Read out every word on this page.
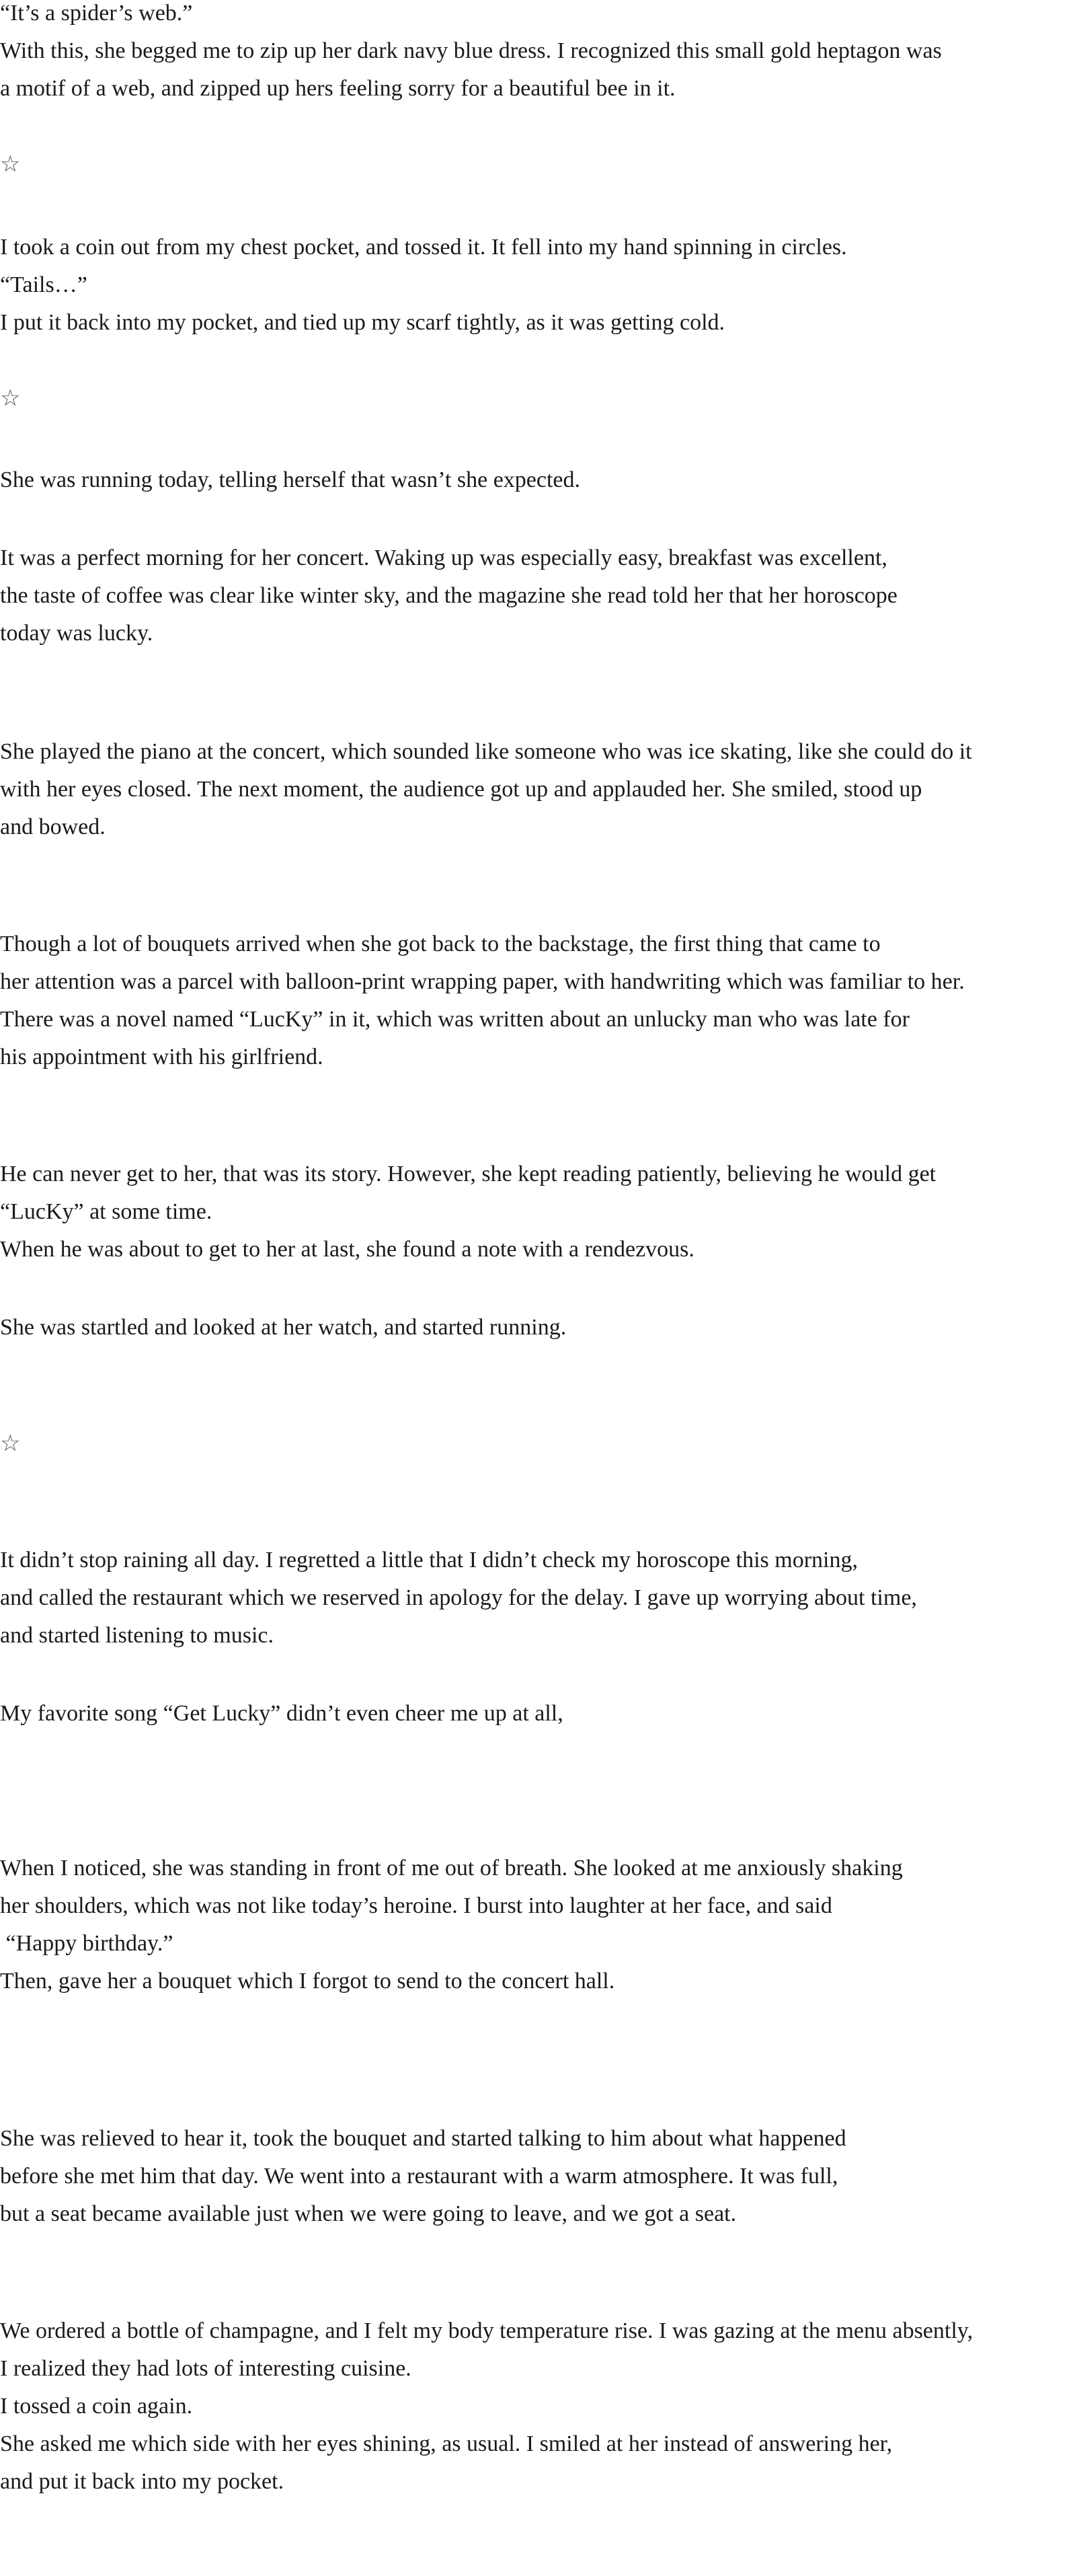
“It’s a spider’s web.”

With this, she begged me to zip up her dark navy blue dress. I recognized this small gold heptagon was

a motif of a web, and zipped up hers feeling sorry for a beautiful bee in it.

☆

I took a coin out from my chest pocket, and tossed it. It fell into my hand spinning in circles.

“Tails…”

I put it back into my pocket, and tied up my scarf tightly, as it was getting cold.

☆

She was running today, telling herself that wasn’t she expected.

It was a perfect morning for her concert. Waking up was especially easy, breakfast was excellent,

the taste of coffee was clear like winter sky, and the magazine she read told her that her horoscope

today was lucky.

She played the piano at the concert, which sounded like someone who was ice skating, like she could do it

with her eyes closed. The next moment, the audience got up and applauded her. She smiled, stood up

and bowed.

Though a lot of bouquets arrived when she got back to the backstage, the first thing that came to

her attention was a parcel with balloon-print wrapping paper, with handwriting which was familiar to her.

There was a novel named “LucKy” in it, which was written about an unlucky man who was late for

his appointment with his girlfriend.

He can never get to her, that was its story. However, she kept reading patiently, believing he would get

“LucKy” at some time.

When he was about to get to her at last, she found a note with a rendezvous.

She was startled and looked at her watch, and started running.

☆

It didn’t stop raining all day. I regretted a little that I didn’t check my horoscope this morning,

and called the restaurant which we reserved in apology for the delay. I gave up worrying about time,

and started listening to music.

My favorite song “Get Lucky” didn’t even cheer me up at all,

When I noticed, she was standing in front of me out of breath. She looked at me anxiously shaking

her shoulders, which was not like today’s heroine. I burst into laughter at her face, and said

“Happy birthday.”

Then, gave her a bouquet which I forgot to send to the concert hall.

She was relieved to hear it, took the bouquet and started talking to him about what happened

before she met him that day. We went into a restaurant with a warm atmosphere. It was full,

but a seat became available just when we were going to leave, and we got a seat.

We ordered a bottle of champagne, and I felt my body temperature rise. I was gazing at the menu absently,

I realized they had lots of interesting cuisine.

I tossed a coin again.

She asked me which side with her eyes shining, as usual. I smiled at her instead of answering her,

and put it back into my pocket.
